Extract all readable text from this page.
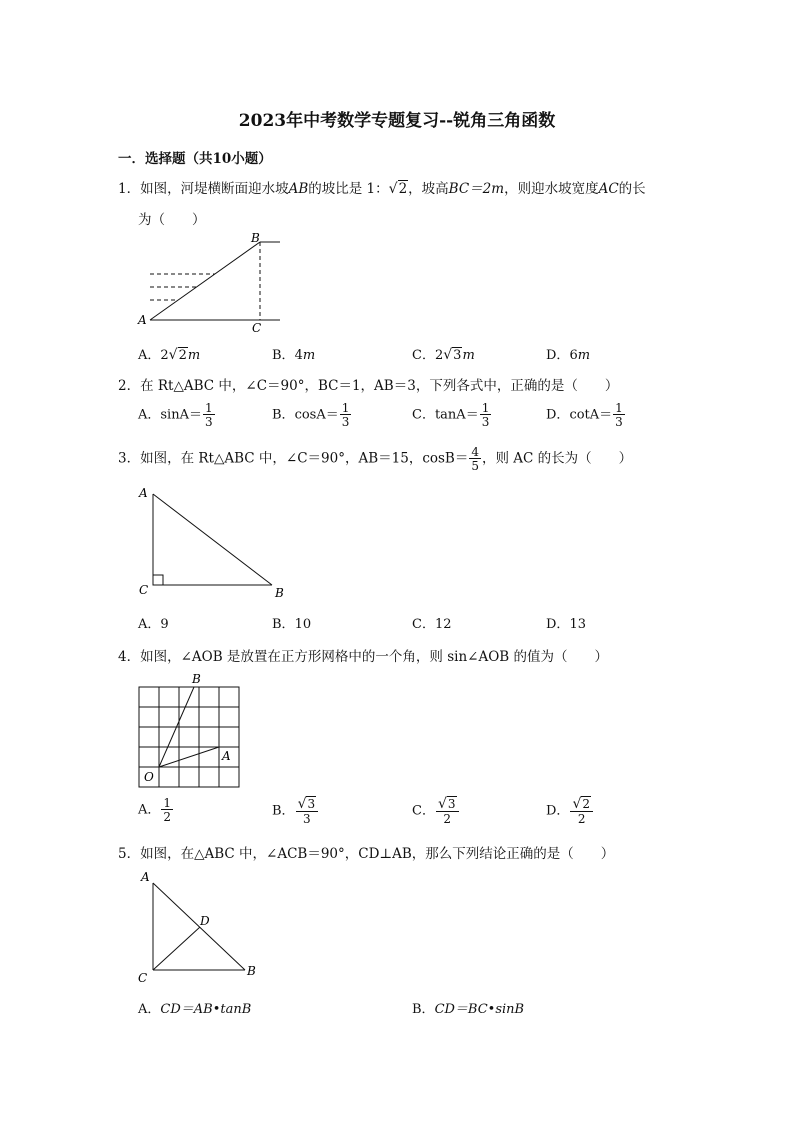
2023年中考数学专题复习--锐角三角函数
一．选择题（共10小题）
1．如图，河堤横断面迎水坡AB的坡比是 1：√2，坡高BC＝2m，则迎水坡宽度AC的长
为（　　）
A
B
C
A．2√2m	B．4m	C．2√3m	D．6m
2．在 Rt△ABC 中，∠C＝90°，BC＝1，AB＝3，下列各式中，正确的是（　　）
A．$\sin A= \frac{1}{3}$	B．$\cos A= \frac{1}{3}$	C．$\tan A= \frac{1}{3}$	D．$\cot A= \frac{1}{3}$
3．如图，在 Rt△ABC 中，∠C＝90°，AB＝15，$\cos B= \frac{4}{5}$ ，则 AC 的长为（　　）
A
B
C
A．9	B．10	C．12	D．13
4．如图，∠AOB 是放置在正方形网格中的一个角，则 sin∠AOB 的值为（　　）
B
A
O
A． $\frac{1}{2}$	B． $\frac{√3}{3}$	C． $\frac{√3}{2}$	D． $\frac{√2}{2}$
5．如图，在△ABC 中，∠ACB＝90°，CD⊥AB，那么下列结论正确的是（　　）
A
D
C	B
A．CD＝AB•tanB	B．CD＝BC•sinB
